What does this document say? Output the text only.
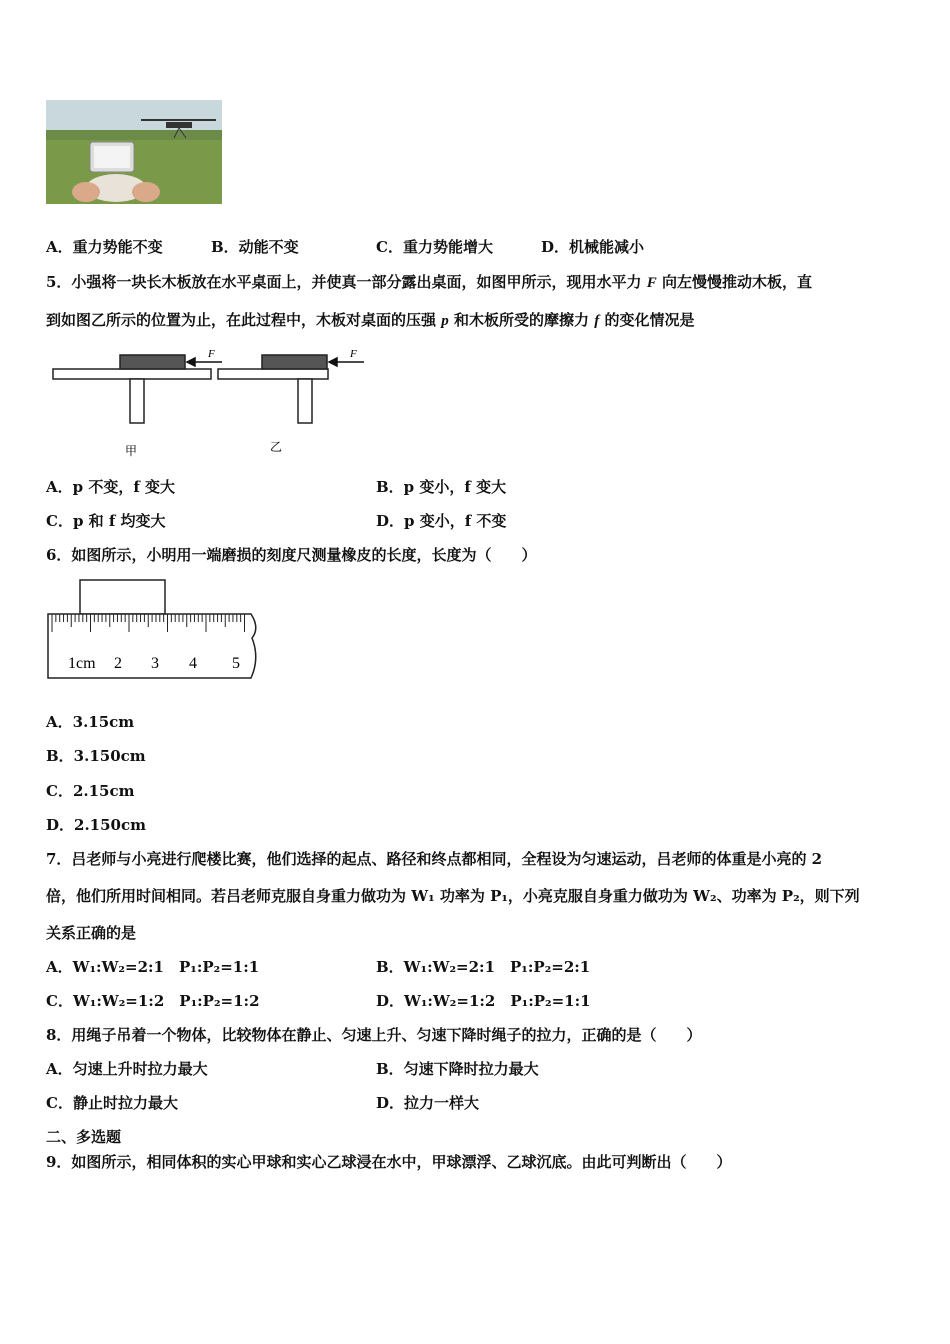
A．重力势能不变	B．动能不变	C．重力势能增大	D．机械能减小
5．小强将一块长木板放在水平桌面上，并使真一部分露出桌面，如图甲所示，现用水平力 F 向左慢慢推动木板，直
到如图乙所示的位置为止，在此过程中，木板对桌面的压强 p 和木板所受的摩擦力 f 的变化情况是
F	F
甲	乙
A．p 不变，f 变大	B．p 变小，f 变大
C．p 和 f 均变大	D．p 变小，f 不变
6．如图所示，小明用一端磨损的刻度尺测量橡皮的长度，长度为（　　）
1cm 2 3 4 5
A．3.15cm
B．3.150cm
C．2.15cm
D．2.150cm
7．吕老师与小亮进行爬楼比赛，他们选择的起点、路径和终点都相同，全程设为匀速运动，吕老师的体重是小亮的 2
倍，他们所用时间相同。若吕老师克服自身重力做功为 W₁ 功率为 P₁，小亮克服自身重力做功为 W₂、功率为 P₂，则下列
关系正确的是
A．W₁:W₂=2:1　P₁:P₂=1:1	B．W₁:W₂=2:1　P₁:P₂=2:1
C．W₁:W₂=1:2　P₁:P₂=1:2	D．W₁:W₂=1:2　P₁:P₂=1:1
8．用绳子吊着一个物体，比较物体在静止、匀速上升、匀速下降时绳子的拉力，正确的是（　　）
A．匀速上升时拉力最大	B．匀速下降时拉力最大
C．静止时拉力最大	D．拉力一样大
二、多选题
9．如图所示，相同体积的实心甲球和实心乙球浸在水中，甲球漂浮、乙球沉底。由此可判断出（　　）
